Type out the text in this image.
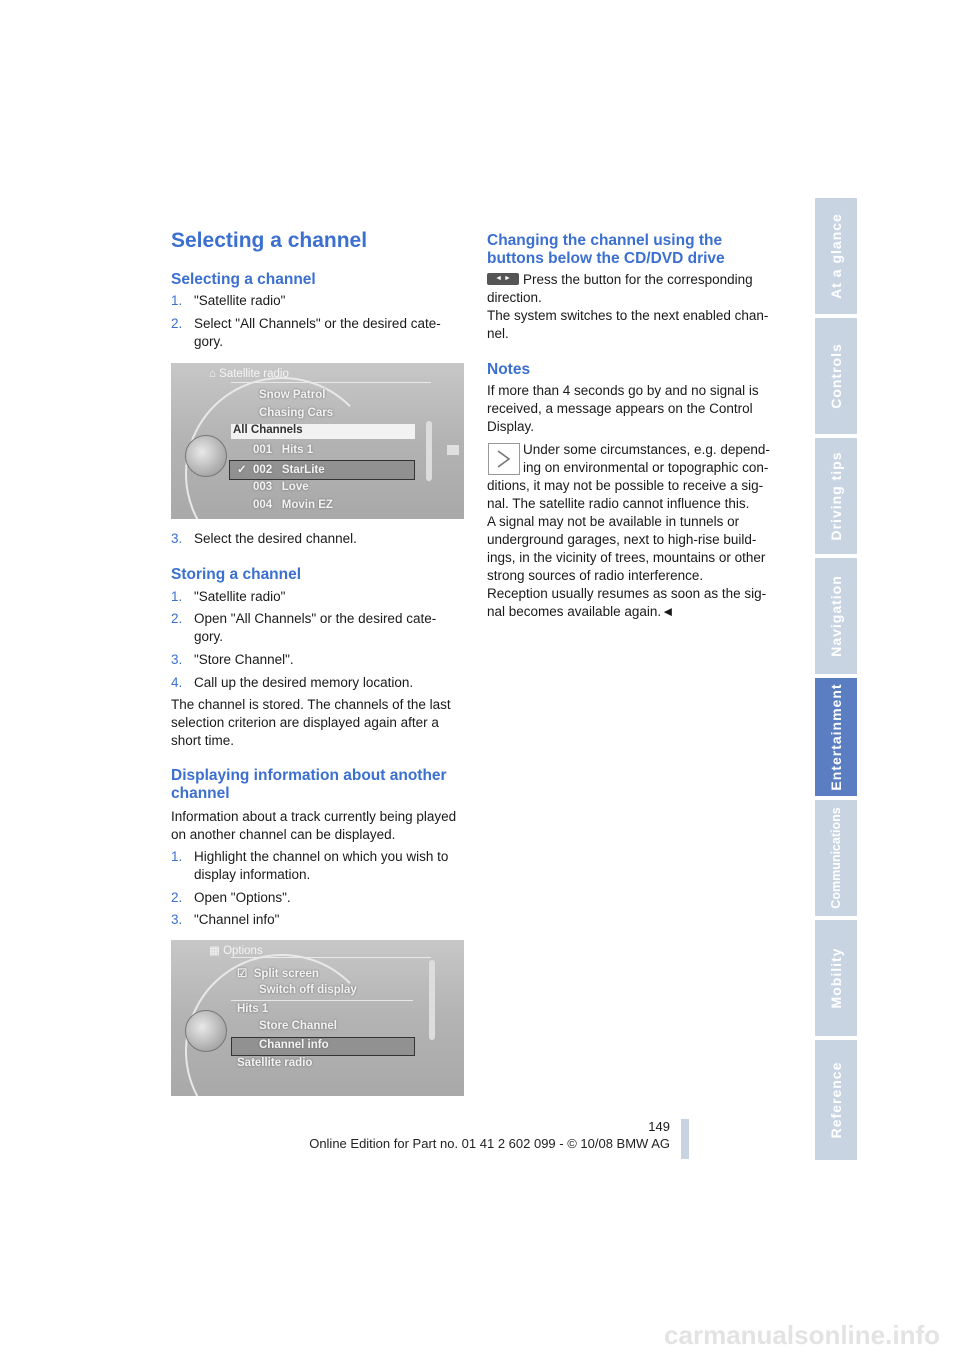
Selecting a channel
Selecting a channel
1. "Satellite radio"
2. Select "All Channels" or the desired cate-
gory.
⌂ Satellite radio
Snow Patrol
Chasing Cars
All Channels
001 Hits 1
✓ 002 StarLite
003 Love
004 Movin EZ
3. Select the desired channel.
Storing a channel
1. "Satellite radio"
2. Open "All Channels" or the desired cate-
gory.
3. "Store Channel".
4. Call up the desired memory location.

The channel is stored. The channels of the last
selection criterion are displayed again after a
short time.

Displaying information about another
channel

Information about a track currently being played
on another channel can be displayed.

1. Highlight the channel on which you wish to
display information.
2. Open "Options".
3. "Channel info"
▦ Options
☑ Split screen
Switch off display
Hits 1
Store Channel
Channel info
Satellite radio
Changing the channel using the
buttons below the CD/DVD drive
◄ ► Press the button for the corresponding
direction.
The system switches to the next enabled chan-
nel.

Notes

If more than 4 seconds go by and no signal is
received, a message appears on the Control
Display.

Under some circumstances, e.g. depend-
ing on environmental or topographic con-
ditions, it may not be possible to receive a sig-
nal. The satellite radio cannot influence this.
A signal may not be available in tunnels or
underground garages, next to high-rise build-
ings, in the vicinity of trees, mountains or other
strong sources of radio interference.
Reception usually resumes as soon as the sig-
nal becomes available again.◄

At a glance
Controls
Driving tips
Navigation
Entertainment
Communications
Mobility
Reference
149
Online Edition for Part no. 01 41 2 602 099 - © 10/08 BMW AG
carmanualsonline.info
